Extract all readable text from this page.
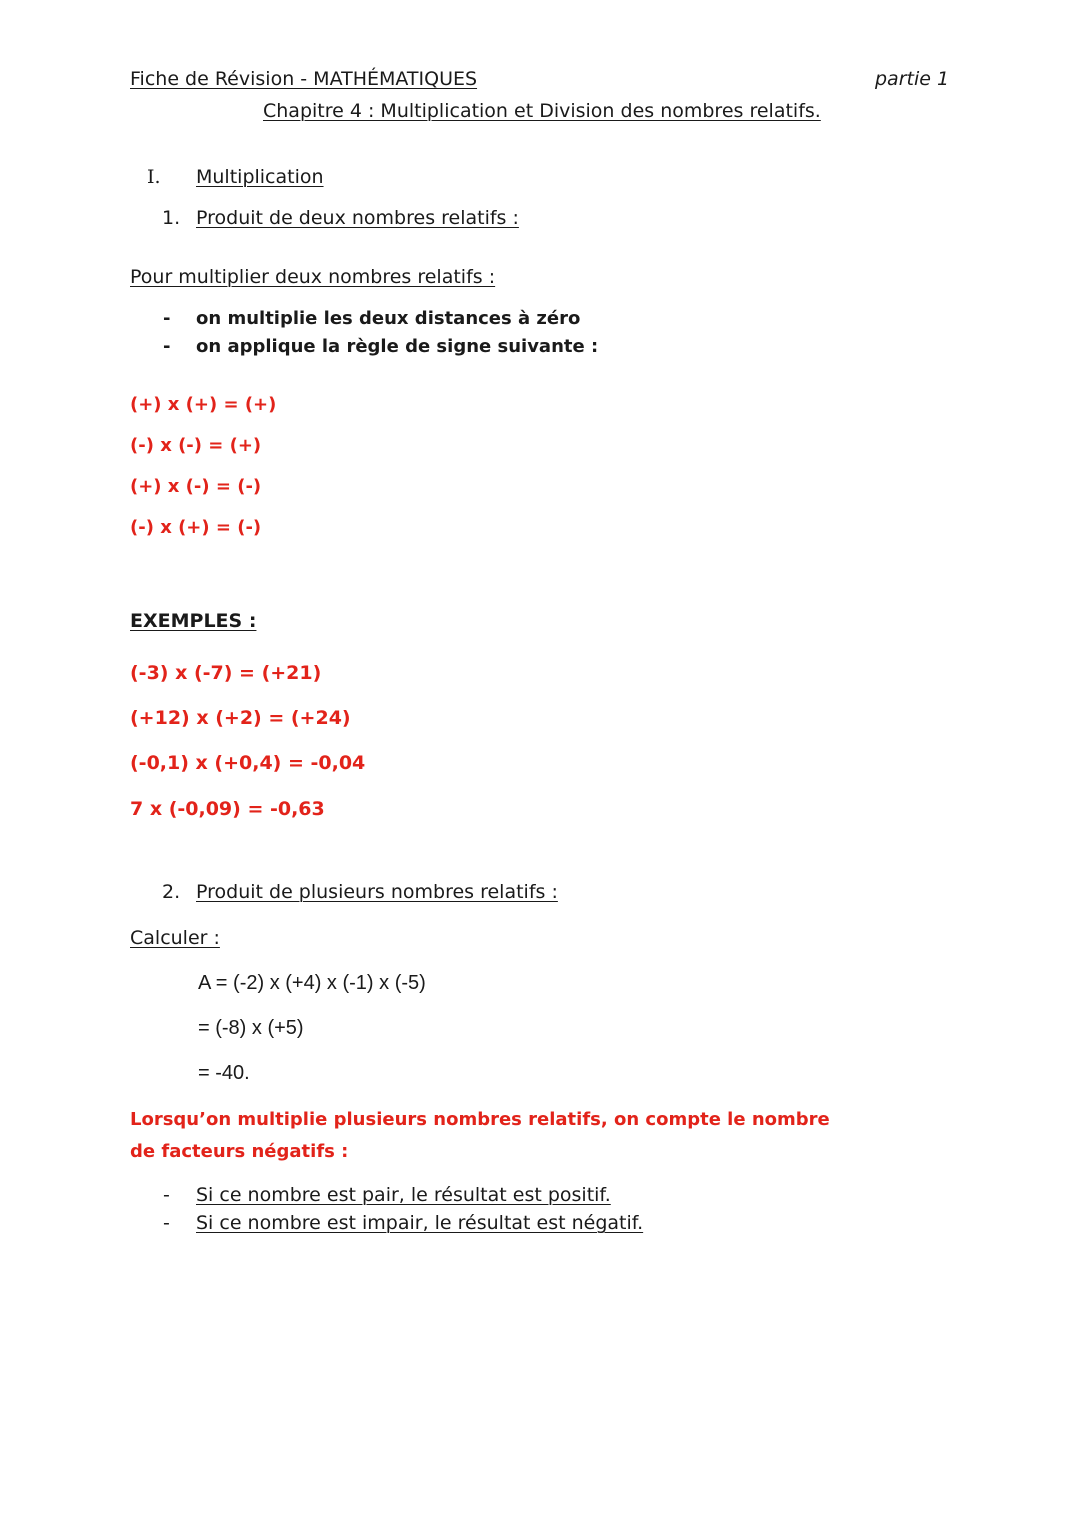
Fiche de Révision - MATHÉMATIQUES	partie 1
Chapitre 4 : Multiplication et Division des nombres relatifs.
I. Multiplication
1. Produit de deux nombres relatifs :
Pour multiplier deux nombres relatifs :
- on multiplie les deux distances à zéro
- on applique la règle de signe suivante :
(+) x (+) = (+)
(-) x (-) = (+)
(+) x (-) = (-)
(-) x (+) = (-)
EXEMPLES :
(-3) x (-7) = (+21)
(+12) x (+2) = (+24)
(-0,1) x (+0,4) = -0,04
7 x (-0,09) = -0,63
2. Produit de plusieurs nombres relatifs :
Calculer :
A = (-2) x (+4) x (-1) x (-5)
= (-8) x (+5)
= -40.
Lorsqu’on multiplie plusieurs nombres relatifs, on compte le nombre
de facteurs négatifs :
- Si ce nombre est pair, le résultat est positif.
- Si ce nombre est impair, le résultat est négatif.
